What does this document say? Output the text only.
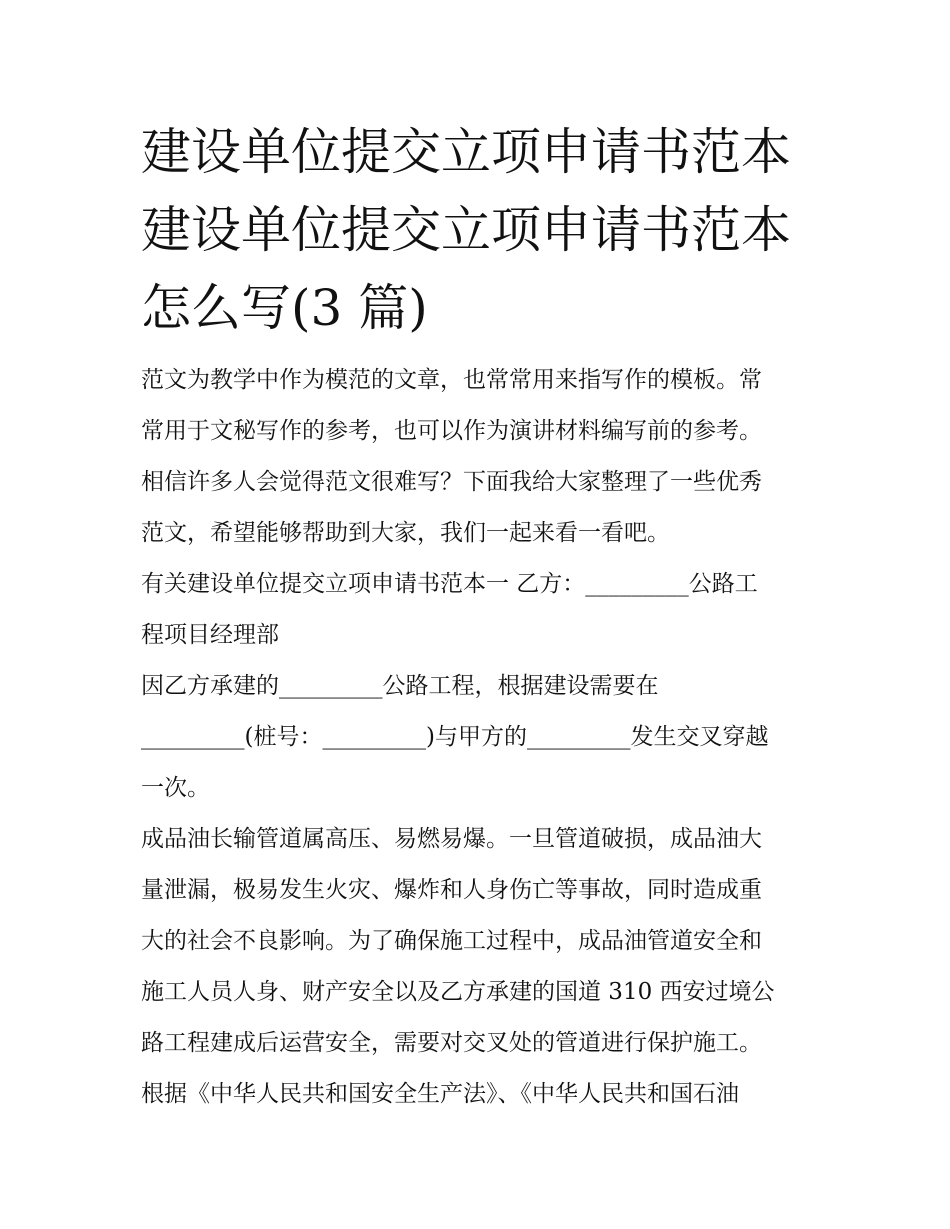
建设单位提交立项申请书范本
建设单位提交立项申请书范本
怎么写(3 篇)

范文为教学中作为模范的文章，也常常用来指写作的模板。常
常用于文秘写作的参考，也可以作为演讲材料编写前的参考。
相信许多人会觉得范文很难写？下面我给大家整理了一些优秀
范文，希望能够帮助到大家，我们一起来看一看吧。

有关建设单位提交立项申请书范本一 乙方：_________公路工
程项目经理部

因乙方承建的_________公路工程，根据建设需要在
_________(桩号：_________)与甲方的_________发生交叉穿越
一次。

成品油长输管道属高压、易燃易爆。一旦管道破损，成品油大
量泄漏，极易发生火灾、爆炸和人身伤亡等事故，同时造成重
大的社会不良影响。为了确保施工过程中，成品油管道安全和
施工人员人身、财产安全以及乙方承建的国道 310 西安过境公
路工程建成后运营安全，需要对交叉处的管道进行保护施工。
根据《中华人民共和国安全生产法》、《中华人民共和国石油
